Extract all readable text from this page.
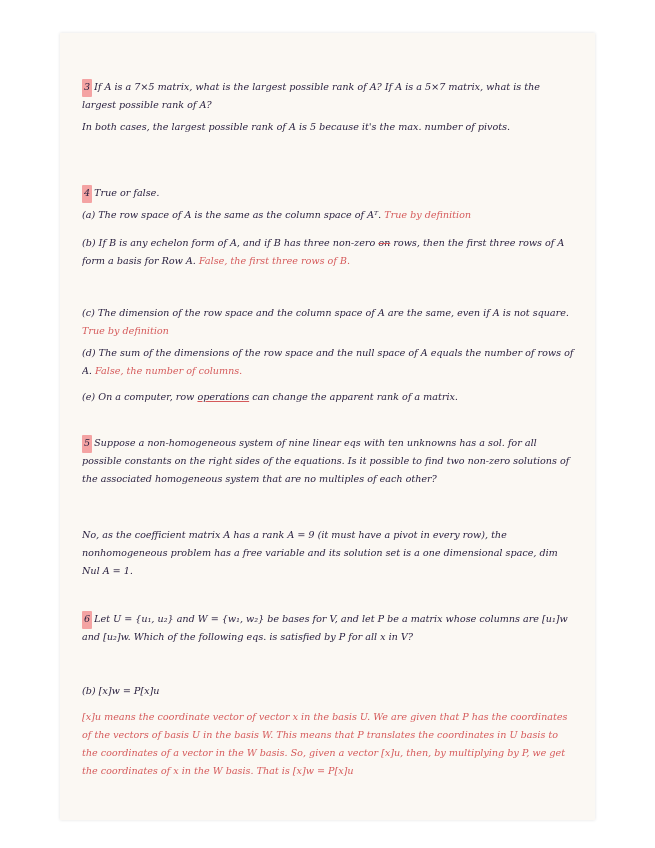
3 If A is a 7×5 matrix, what is the largest possible rank of A? If A is a 5×7 matrix, what is the largest possible rank of A?

In both cases, the largest possible rank of A is 5 because it's the max. number of pivots.

4 True or false.

(a) The row space of A is the same as the column space of Aᵀ. True by definition

(b) If B is any echelon form of A, and if B has three non-zero on rows, then the first three rows of A form a basis for Row A. False, the first three rows of B.

(c) The dimension of the row space and the column space of A are the same, even if A is not square. True by definition

(d) The sum of the dimensions of the row space and the null space of A equals the number of rows of A. False, the number of columns.

(e) On a computer, row operations can change the apparent rank of a matrix.

5 Suppose a non-homogeneous system of nine linear eqs with ten unknowns has a sol. for all possible constants on the right sides of the equations. Is it possible to find two non-zero solutions of the associated homogeneous system that are no multiples of each other?

No, as the coefficient matrix A has a rank A = 9 (it must have a pivot in every row), the nonhomogeneous problem has a free variable and its solution set is a one dimensional space, dim Nul A = 1.

6 Let U = {u₁, u₂} and W = {w₁, w₂} be bases for V, and let P be a matrix whose columns are [u₁]w and [u₂]w. Which of the following eqs. is satisfied by P for all x in V?

(b) [x]w = P[x]u

[x]u means the coordinate vector of vector x in the basis U. We are given that P has the coordinates of the vectors of basis U in the basis W. This means that P translates the coordinates in U basis to the coordinates of a vector in the W basis. So, given a vector [x]u, then, by multiplying by P, we get the coordinates of x in the W basis. That is [x]w = P[x]u
